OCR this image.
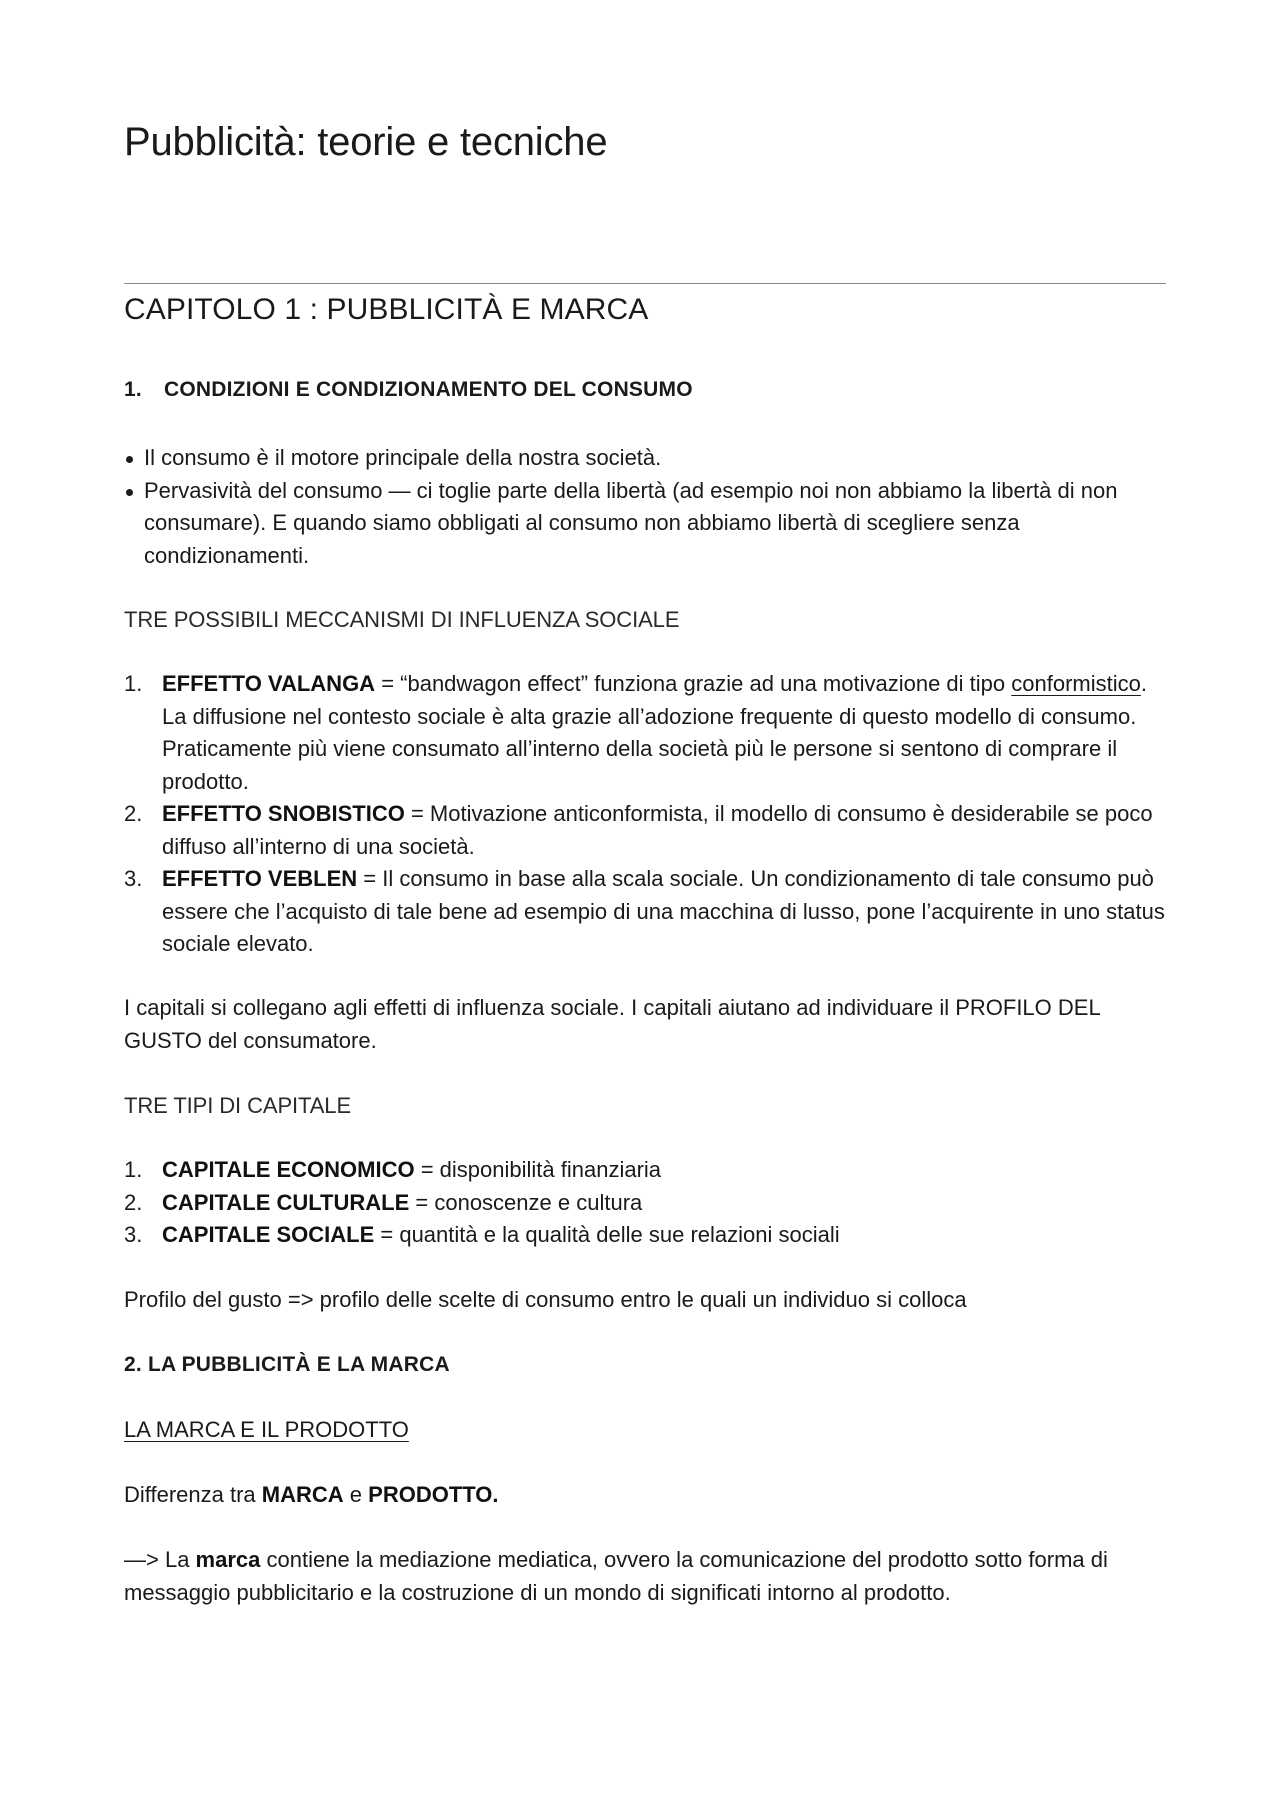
Pubblicità: teorie e tecniche
CAPITOLO 1 : PUBBLICITÀ E MARCA
1. CONDIZIONI E CONDIZIONAMENTO DEL CONSUMO
Il consumo è il motore principale della nostra società.
Pervasività del consumo — ci toglie parte della libertà (ad esempio noi non abbiamo la libertà di non consumare). E quando siamo obbligati al consumo non abbiamo libertà di scegliere senza condizionamenti.
TRE POSSIBILI MECCANISMI DI INFLUENZA SOCIALE
1. EFFETTO VALANGA = “bandwagon effect” funziona grazie ad una motivazione di tipo conformistico. La diffusione nel contesto sociale è alta grazie all’adozione frequente di questo modello di consumo. Praticamente più viene consumato all’interno della società più le persone si sentono di comprare il prodotto.
2. EFFETTO SNOBISTICO = Motivazione anticonformista, il modello di consumo è desiderabile se poco diffuso all’interno di una società.
3. EFFETTO VEBLEN = Il consumo in base alla scala sociale. Un condizionamento di tale consumo può essere che l’acquisto di tale bene ad esempio di una macchina di lusso, pone l’acquirente in uno status sociale elevato.

I capitali si collegano agli effetti di influenza sociale. I capitali aiutano ad individuare il PROFILO DEL GUSTO del consumatore.

TRE TIPI DI CAPITALE
1. CAPITALE ECONOMICO = disponibilità finanziaria
2. CAPITALE CULTURALE = conoscenze e cultura
3. CAPITALE SOCIALE = quantità e la qualità delle sue relazioni sociali

Profilo del gusto => profilo delle scelte di consumo entro le quali un individuo si colloca

2. LA PUBBLICITÀ E LA MARCA
LA MARCA E IL PRODOTTO

Differenza tra MARCA e PRODOTTO.

—> La marca contiene la mediazione mediatica, ovvero la comunicazione del prodotto sotto forma di messaggio pubblicitario e la costruzione di un mondo di significati intorno al prodotto.
